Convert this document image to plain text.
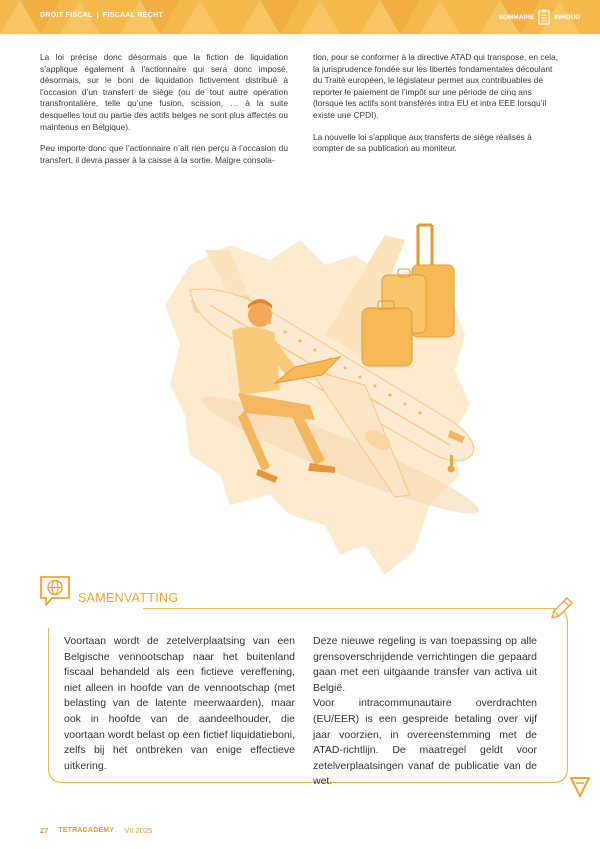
DROIT FISCAL | FISCAAL RECHT	SOMMAIRE	INHOUD

La loi précise donc désormais que la fiction de liquidation s’applique également à l’actionnaire qui sera donc imposé, désormais, sur le boni de liquidation fictivement distribué à l’occasion d’un transfert de siège (ou de tout autre opération transfrontalière, telle qu’une fusion, scission, … à la suite desquelles tout ou partie des actifs belges ne sont plus affectés ou maintenus en Belgique).

Peu importe donc que l’actionnaire n’ait rien perçu à l’occasion du transfert, il devra passer à la caisse à la sortie. Maigre consola-

tion, pour se conformer à la directive ATAD qui transpose, en cela, la jurisprudence fondée sur les libertés fondamentales découlant du Traité européen, le législateur permet aux contribuables de reporter le paiement de l’impôt sur une période de cinq ans (lorsque les actifs sont transférés intra EU et intra EEE lorsqu’il existe une CPDI).

La nouvelle loi s’applique aux transferts de siège réalisés à compter de sa publication au moniteur.

SAMENVATTING

Voortaan wordt de zetelverplaatsing van een Belgische vennootschap naar het buitenland fiscaal behandeld als een fictieve vereffening, niet alleen in hoofde van de vennootschap (met belasting van de latente meerwaarden), maar ook in hoofde van de aandeelhouder, die voortaan wordt belast op een fictief liquidatieboni, zelfs bij het ontbreken van enige effectieve uitkering.

Deze nieuwe regeling is van toepassing op alle grensoverschrijdende verrichtingen die gepaard gaan met een uitgaande transfer van activa uit België.

Voor intracommunautaire overdrachten (EU/EER) is een gespreide betaling over vijf jaar voorzien, in overeenstemming met de ATAD-richtlijn. De maatregel geldt voor zetelverplaatsingen vanaf de publicatie van de wet.

27 TETRACADEMY VII 2025
